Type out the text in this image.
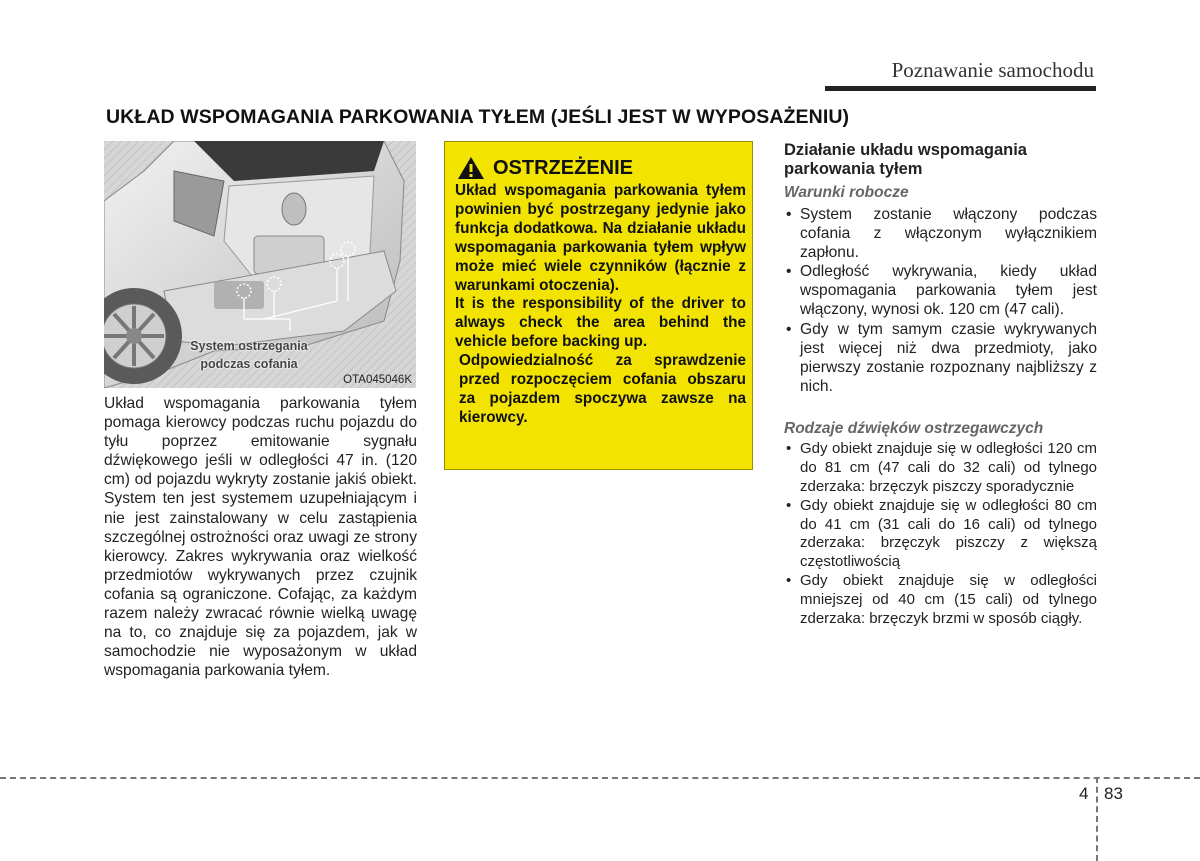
Poznawanie samochodu
UKŁAD WSPOMAGANIA PARKOWANIA TYŁEM (JEŚLI JEST W WYPOSAŻENIU)
System ostrzegania
podczas cofania
OTA045046K
Układ wspomagania parkowania tyłem pomaga kierowcy podczas ruchu pojazdu do tyłu poprzez emitowanie sygnału dźwiękowego jeśli w odległości 47 in. (120 cm) od pojazdu wykryty zostanie jakiś obiekt. System ten jest systemem uzupełniającym i nie jest zainstalowany w celu zastąpienia szczególnej ostrożności oraz uwagi ze strony kierowcy. Zakres wykrywania oraz wielkość przedmiotów wykrywanych przez czujnik cofania są ograniczone. Cofając, za każdym razem należy zwracać równie wielką uwagę na to, co znajduje się za pojazdem, jak w samochodzie nie wyposażonym w układ wspomagania parkowania tyłem.
OSTRZEŻENIE

Układ wspomagania parkowania tyłem powinien być postrzegany jedynie jako funkcja dodatkowa. Na działanie układu wspomagania parkowania tyłem wpływ może mieć wiele czynników (łącznie z warunkami otoczenia).

It is the responsibility of the driver to always check the area behind the vehicle before backing up.

Odpowiedzialność za sprawdzenie przed rozpoczęciem cofania obszaru za pojazdem spoczywa zawsze na kierowcy.

Działanie układu wspomagania parkowania tyłem

Warunki robocze
• System zostanie włączony podczas cofania z włączonym wyłącznikiem zapłonu.
• Odległość wykrywania, kiedy układ wspomagania parkowania tyłem jest włączony, wynosi ok. 120 cm (47 cali).
• Gdy w tym samym czasie wykrywanych jest więcej niż dwa przedmioty, jako pierwszy zostanie rozpoznany najbliższy z nich.
Rodzaje dźwięków ostrzegawczych
• Gdy obiekt znajduje się w odległości 120 cm do 81 cm (47 cali do 32 cali) od tylnego zderzaka: brzęczyk piszczy sporadycznie
• Gdy obiekt znajduje się w odległości 80 cm do 41 cm (31 cali do 16 cali) od tylnego zderzaka: brzęczyk piszczy z większą częstotliwością
• Gdy obiekt znajduje się w odległości mniejszej od 40 cm (15 cali) od tylnego zderzaka: brzęczyk brzmi w sposób ciągły.
4 83
